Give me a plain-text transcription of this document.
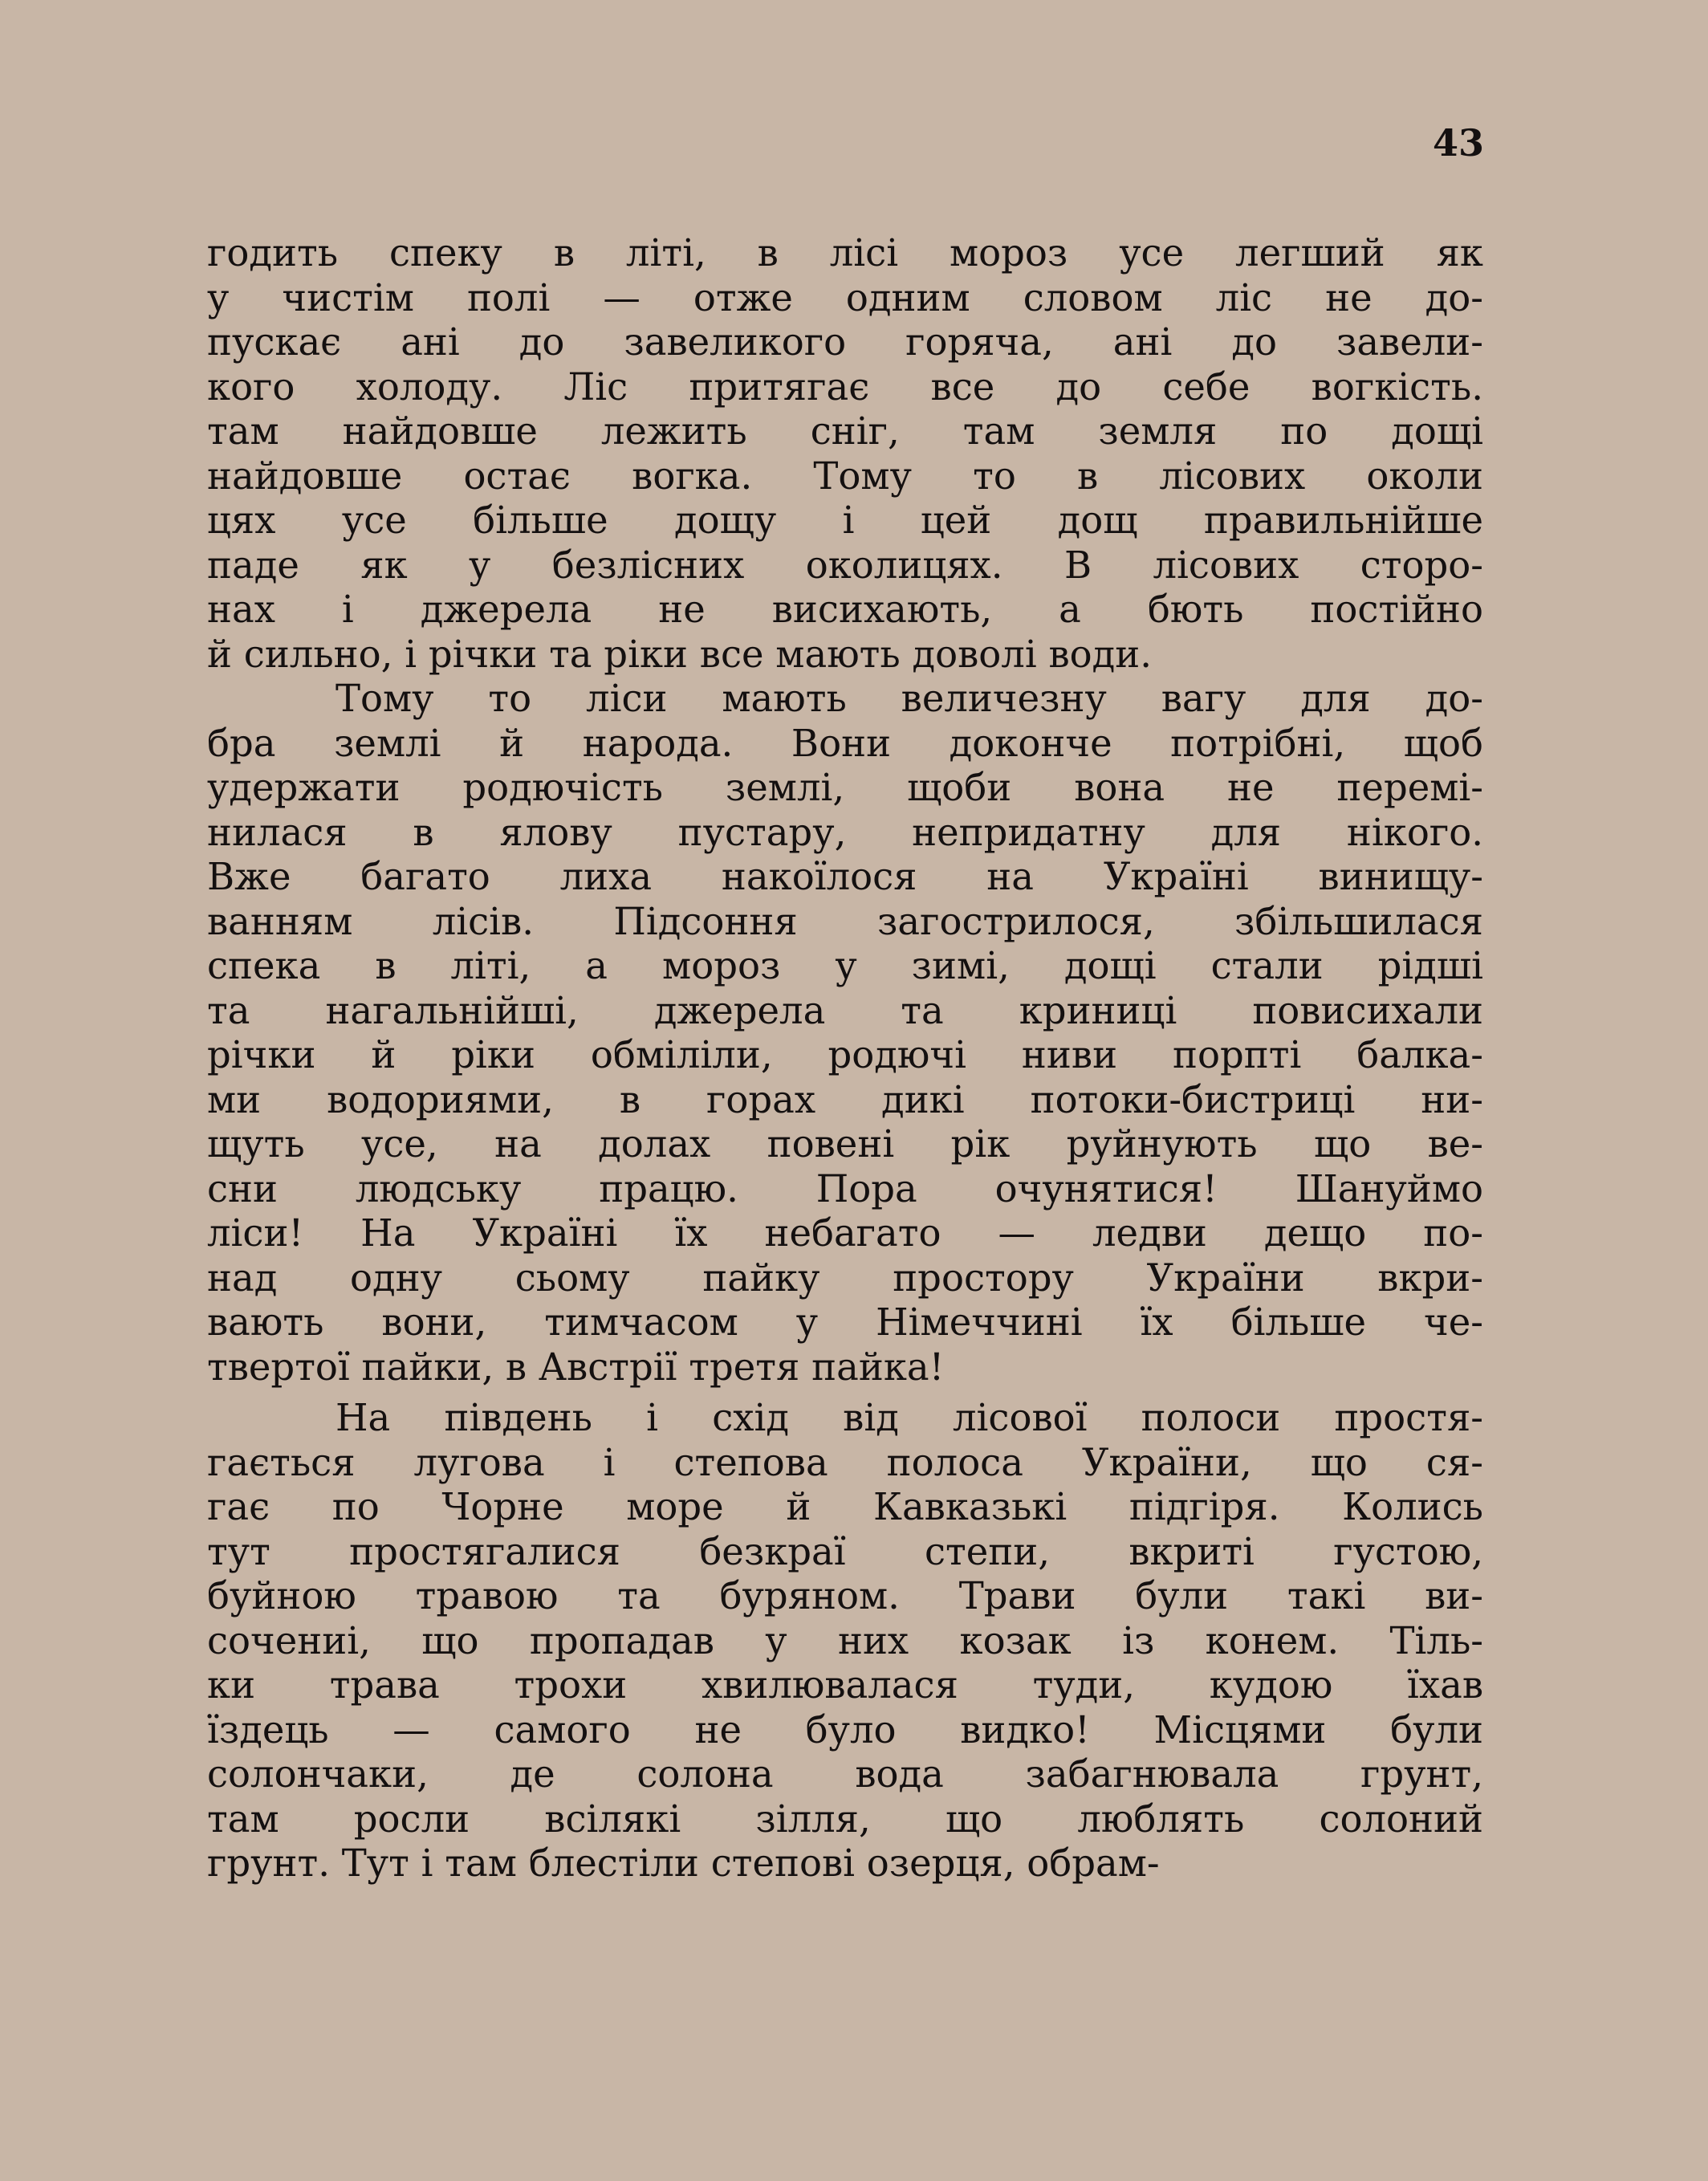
43
годить спеку в літі, в лісі мороз усе легший як
у чистім полі — отже одним словом ліс не до-
пускає ані до завеликого горяча, ані до завели-
кого холоду. Ліс притягає все до себе вогкість.
там найдовше лежить сніг, там земля по дощі
найдовше остає вогка. Тому то в лісових околи
цях усе більше дощу і цей дощ правильнійше
паде як у безлісних околицях. В лісових сторо-
нах і джерела не висихають, а бють постійно
й сильно, і річки та ріки все мають доволі води.
Тому то ліси мають величезну вагу для до-
бра землі й народа. Вони доконче потрібні, щоб
удержати родючість землі, щоби вона не перемі-
нилася в ялову пустару, непридатну для нікого.
Вже багато лиха накоїлося на Україні винищу-
ванням лісів. Підсоння загострилося, збільшилася
спека в літі, а мороз у зимі, дощі стали рідші
та нагальнійші, джерела та криниці повисихали
річки й ріки обміліли, родючі ниви порпті балка-
ми водориями, в горах дикі потоки-бистриці ни-
щуть усе, на долах повені рік руйнують що ве-
сни людську працю. Пора очунятися! Шануймо
ліси! На Україні їх небагато — ледви дещо по-
над одну сьому пайку простору України вкри-
вають вони, тимчасом у Німеччині їх більше че-
твертої пайки, в Австрії третя пайка!
На південь і схід від лісової полоси простя-
гається лугова і степова полоса України, що ся-
гає по Чорне море й Кавказькі підгіря. Колись
тут простягалися безкраї степи, вкриті густою,
буйною травою та буряном. Трави були такі ви-
сочениі, що пропадав у них козак із конем. Тіль-
ки трава трохи хвилювалася туди, кудою їхав
їздець — самого не було видко! Місцями були
солончаки, де солона вода забагнювала грунт,
там росли всілякі зілля, що люблять солоний
грунт. Тут і там блестіли степові озерця, обрам-
